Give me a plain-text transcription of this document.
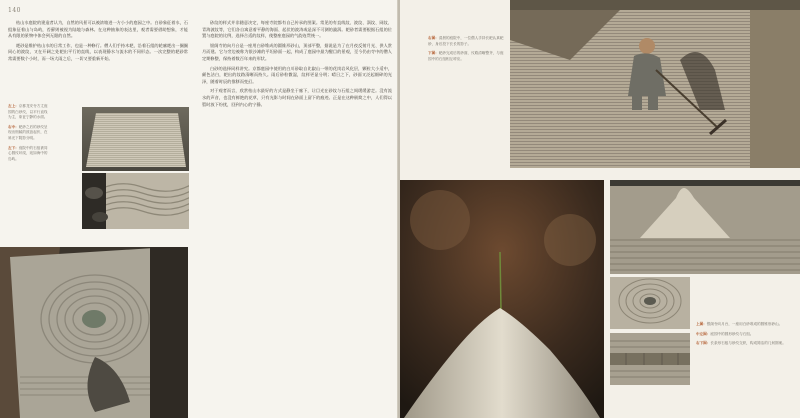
140

枯山水庭院的建造者认为，自然的风景可以被浓缩进一方小小的庭园之中。白砂象征着水，石组象征着山与岛屿，苔藓则被视为陆地与森林。在这种抽象的表达里，观者需要借助想象，才能从有限的景物中体会到无限的自然。

耙砂是维护枯山水的日常工作，也是一种修行。僧人们手持木耙，沿着石组的轮廓耙出一圈圈同心的波纹，又在开阔之处耙出平行的直线，以表现静水与流水的不同形态。一次完整的耙砂常常需要数个小时，而一场大雨之后，一切又要重新开始。

左上：京都龙安寺方丈庭园的白砂纹，以平行直线为主，象征宁静的水面。

右中：耙砂之后的砂纹呈现出细腻的波浪起伏，在斜光下阴影分明。

左下：庭院中的石组被同心圆纹环绕，宛如海中的岛屿。

砂纹的样式并非随意决定，每座寺院都有自己传承的图案。常见的有直线纹、波纹、涡纹、网纹、青海波纹等，它们各自寓意着平静的海面、起伏的波涛或是深不可测的漩涡。耙砂者需要根据石组的位置与庭院的比例，选择合适的纹样，使整座庭园的气韵连贯统一。

银阁寺的向月台是一座用白砂堆成的圆锥形砂山，顶部平整，据说是为了在月夜反射月光、供人赏月而建。它与旁边被称为银沙滩的平坦砂面一起，构成了庭园中最为醒目的景观，至今仍由寺中的僧人定期修整，保持着数百年来的形状。

白砂的选择同样讲究。京都庭园中使用的白川砂取自比叡山一带的花岗岩风化层，颗粒大小适中，颜色洁白，耙出的纹路清晰而持久。雨后砂粒微湿，纹样更显分明；晴日之下，砂面又泛起细碎的光泽，随着时辰的推移而变幻。

对于观者而言，欣赏枯山水最好的方式是静坐于廊下，让目光在砂纹与石组之间缓缓游走。没有流水的声音，也没有鲜艳的花草，只有光影与时间在砂面上留下的痕迹。正是在这种极简之中，人们得以暂时放下纷扰，回到内心的宁静。

右图：清晨的庭院中，一位僧人手持长耙认真耙砂，身后投下长长的影子。

下图：耙砂完成后的砂面，纹路清晰整齐，与庭园中的石组相互呼应。

上图：银阁寺向月台，一座用白砂堆成的圆锥形砂山。

中左图：庭园中的圆形砂纹与石组。

右下图：长条形石板与砂纹交织，构成简洁的几何图案。
